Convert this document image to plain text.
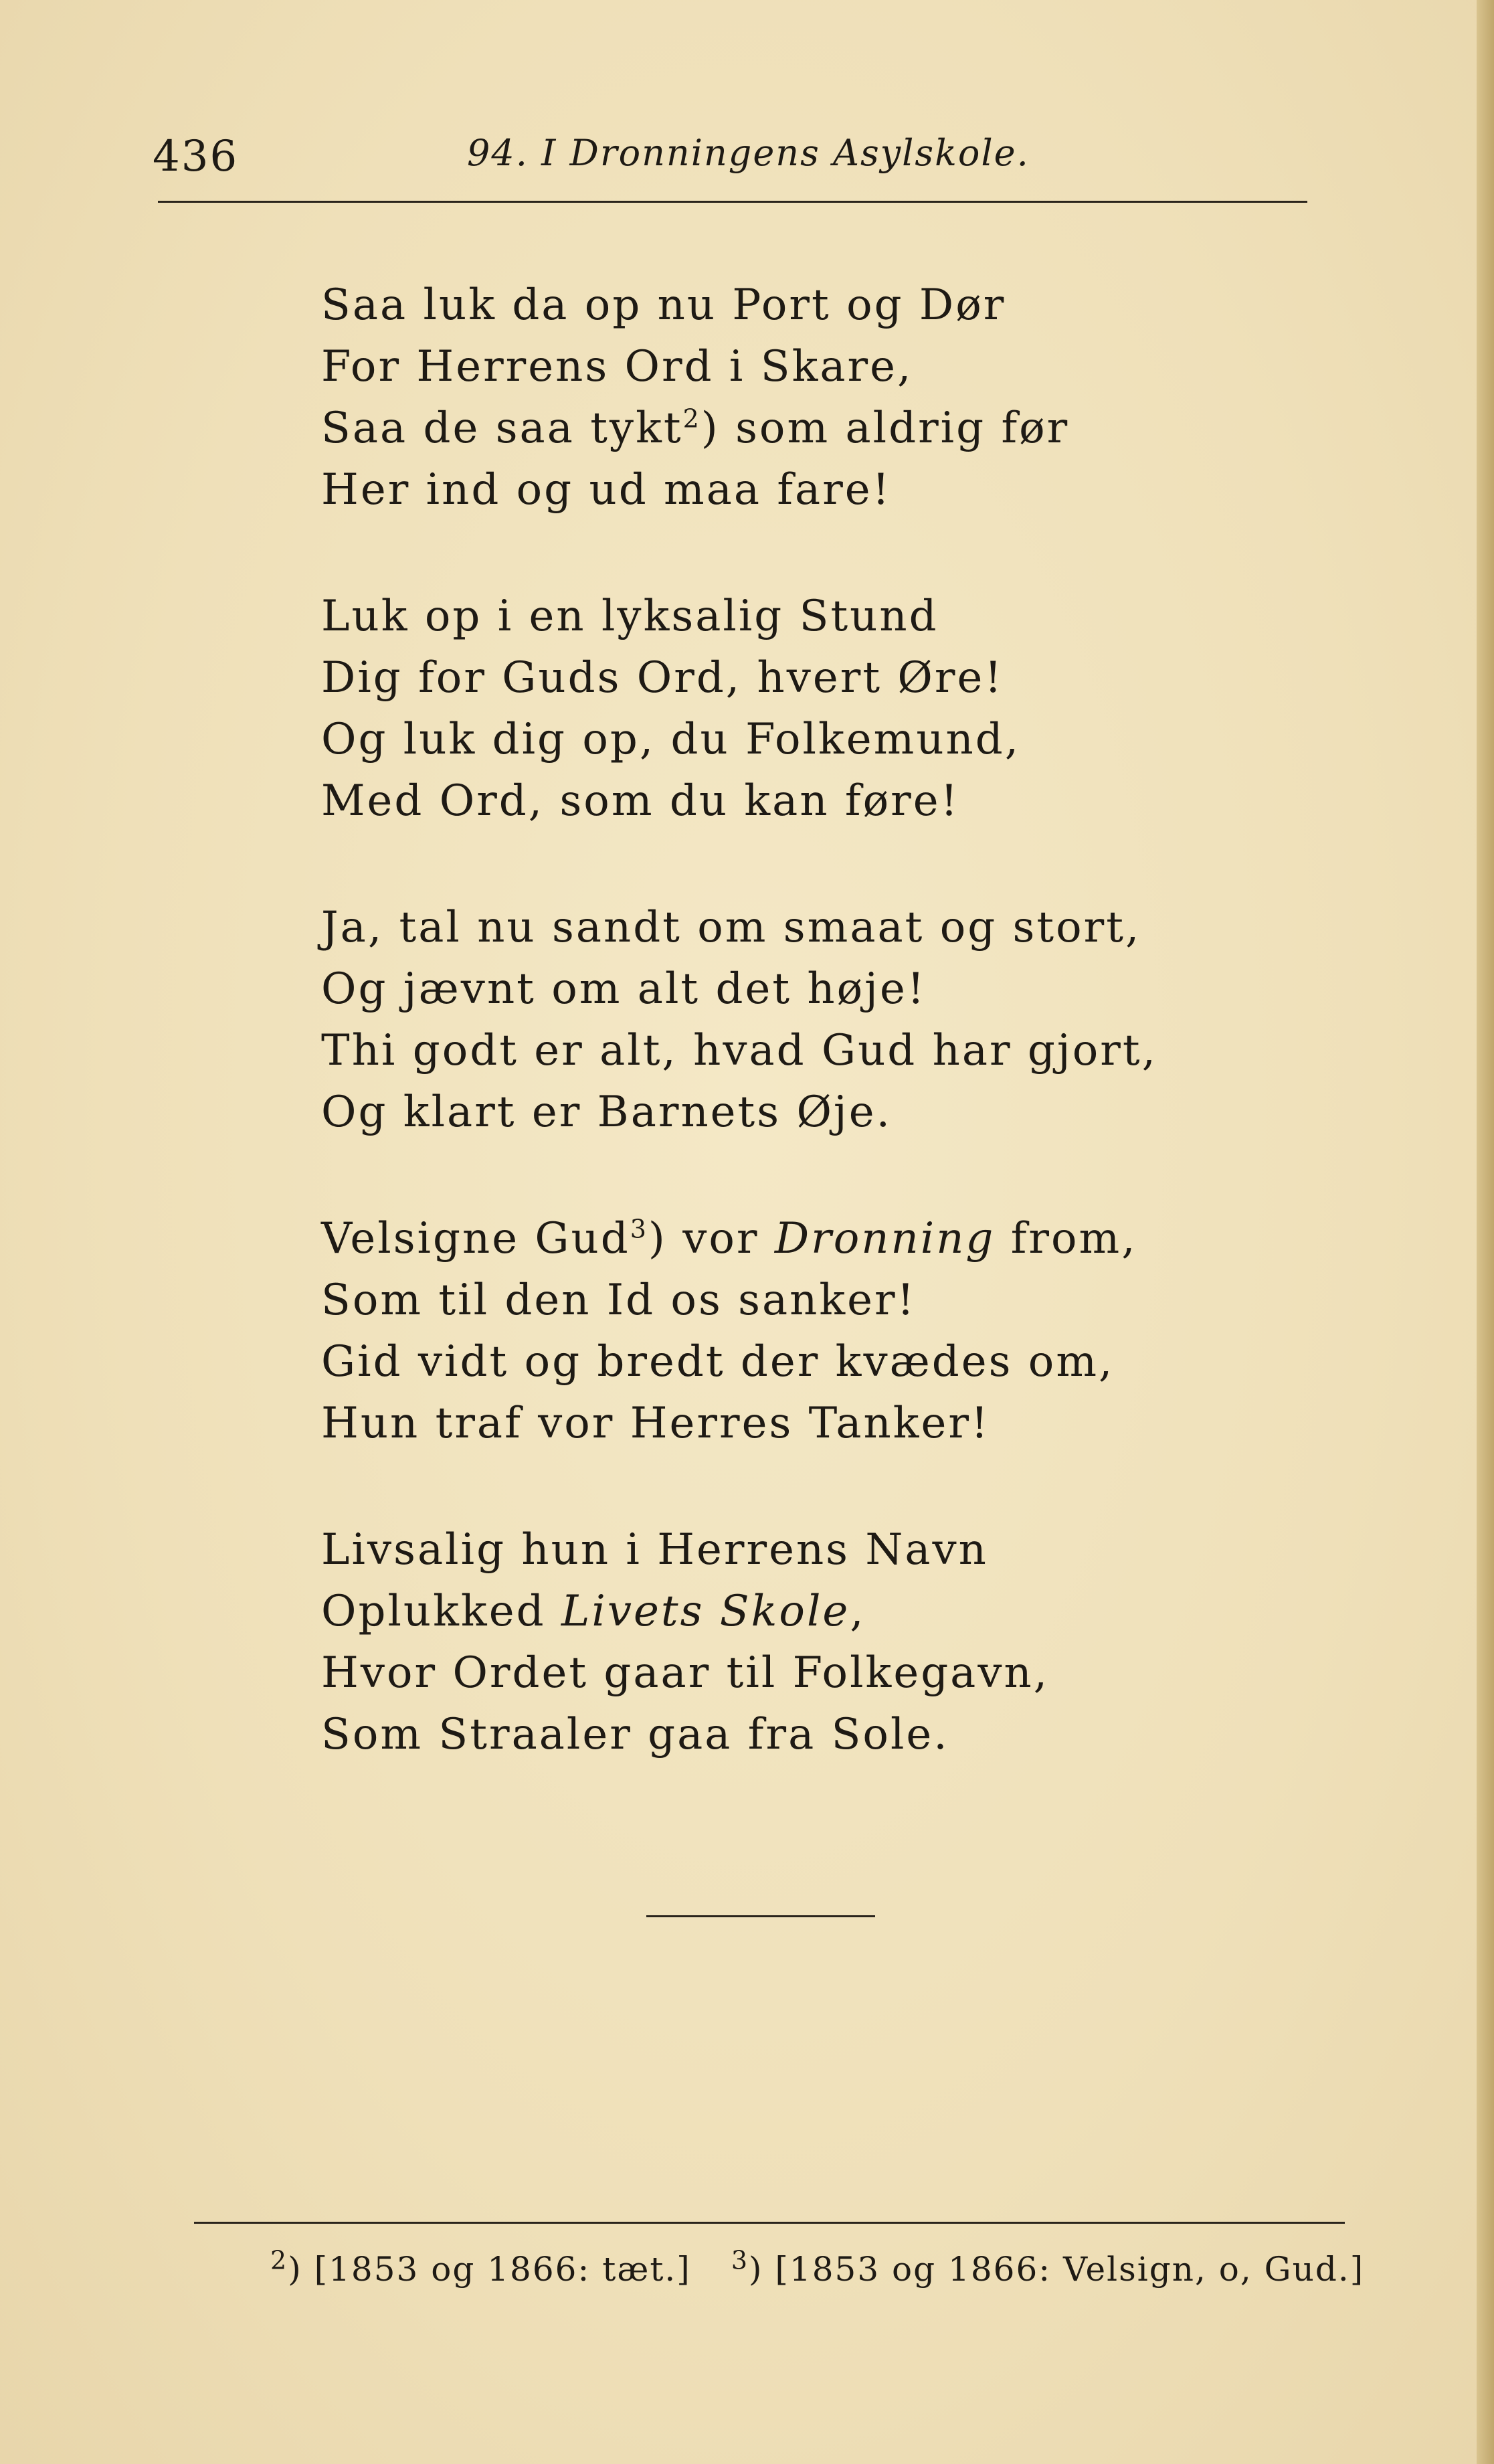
436	94. I Dronningens Asylskole.
Saa luk da op nu Port og Dør
For Herrens Ord i Skare,
Saa de saa tykt$^2$) som aldrig før
Her ind og ud maa fare!
Luk op i en lyksalig Stund
Dig for Guds Ord, hvert Øre!
Og luk dig op, du Folkemund,
Med Ord, som du kan føre!
Ja, tal nu sandt om smaat og stort,
Og jævnt om alt det høje!
Thi godt er alt, hvad Gud har gjort,
Og klart er Barnets Øje.
Velsigne Gud$^3$) vor Dronning from,
Som til den Id os sanker!
Gid vidt og bredt der kvædes om,
Hun traf vor Herres Tanker!
Livsalig hun i Herrens Navn
Oplukked Livets Skole,
Hvor Ordet gaar til Folkegavn,
Som Straaler gaa fra Sole.
$^2$) [1853 og 1866: tæt.] $^3$) [1853 og 1866: Velsign, o, Gud.]
